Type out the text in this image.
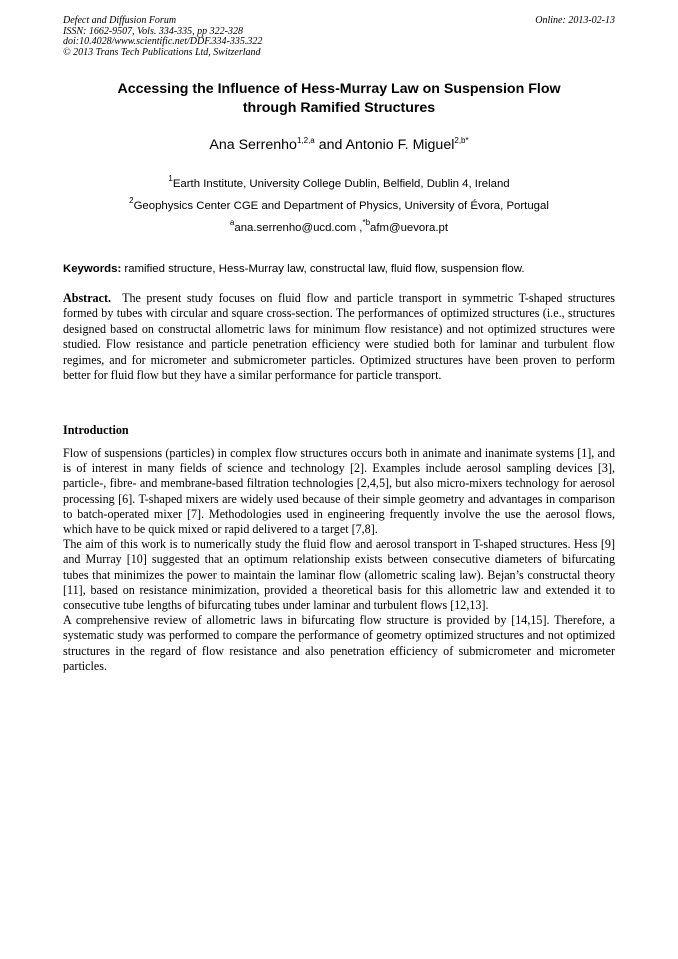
Defect and Diffusion Forum
ISSN: 1662-9507, Vols. 334-335, pp 322-328
doi:10.4028/www.scientific.net/DDF.334-335.322
© 2013 Trans Tech Publications Ltd, Switzerland
Online: 2013-02-13
Accessing the Influence of Hess-Murray Law on Suspension Flow
through Ramified Structures
Ana Serrenho$^{1,2,a}$ and Antonio F. Miguel$^{2,b*}$
$^1$Earth Institute, University College Dublin, Belfield, Dublin 4, Ireland
$^2$Geophysics Center CGE and Department of Physics, University of Évora, Portugal
$^a$ana.serrenho@ucd.com ,$^{*b}$afm@uevora.pt
Keywords: ramified structure, Hess-Murray law, constructal law, fluid flow, suspension flow.
Abstract. The present study focuses on fluid flow and particle transport in symmetric T-shaped structures formed by tubes with circular and square cross-section. The performances of optimized structures (i.e., structures designed based on constructal allometric laws for minimum flow resistance) and not optimized structures were studied. Flow resistance and particle penetration efficiency were studied both for laminar and turbulent flow regimes, and for micrometer and submicrometer particles. Optimized structures have been proven to perform better for fluid flow but they have a similar performance for particle transport.
Introduction

Flow of suspensions (particles) in complex flow structures occurs both in animate and inanimate systems [1], and is of interest in many fields of science and technology [2]. Examples include aerosol sampling devices [3], particle-, fibre- and membrane-based filtration technologies [2,4,5], but also micro-mixers technology for aerosol processing [6]. T-shaped mixers are widely used because of their simple geometry and advantages in comparison to batch-operated mixer [7]. Methodologies used in engineering frequently involve the use the aerosol flows, which have to be quick mixed or rapid delivered to a target [7,8].

The aim of this work is to numerically study the fluid flow and aerosol transport in T-shaped structures. Hess [9] and Murray [10] suggested that an optimum relationship exists between consecutive diameters of bifurcating tubes that minimizes the power to maintain the laminar flow (allometric scaling law). Bejan’s constructal theory [11], based on resistance minimization, provided a theoretical basis for this allometric law and extended it to consecutive tube lengths of bifurcating tubes under laminar and turbulent flows [12,13].

A comprehensive review of allometric laws in bifurcating flow structure is provided by [14,15]. Therefore, a systematic study was performed to compare the performance of geometry optimized structures and not optimized structures in the regard of flow resistance and also penetration efficiency of submicrometer and micrometer particles.
